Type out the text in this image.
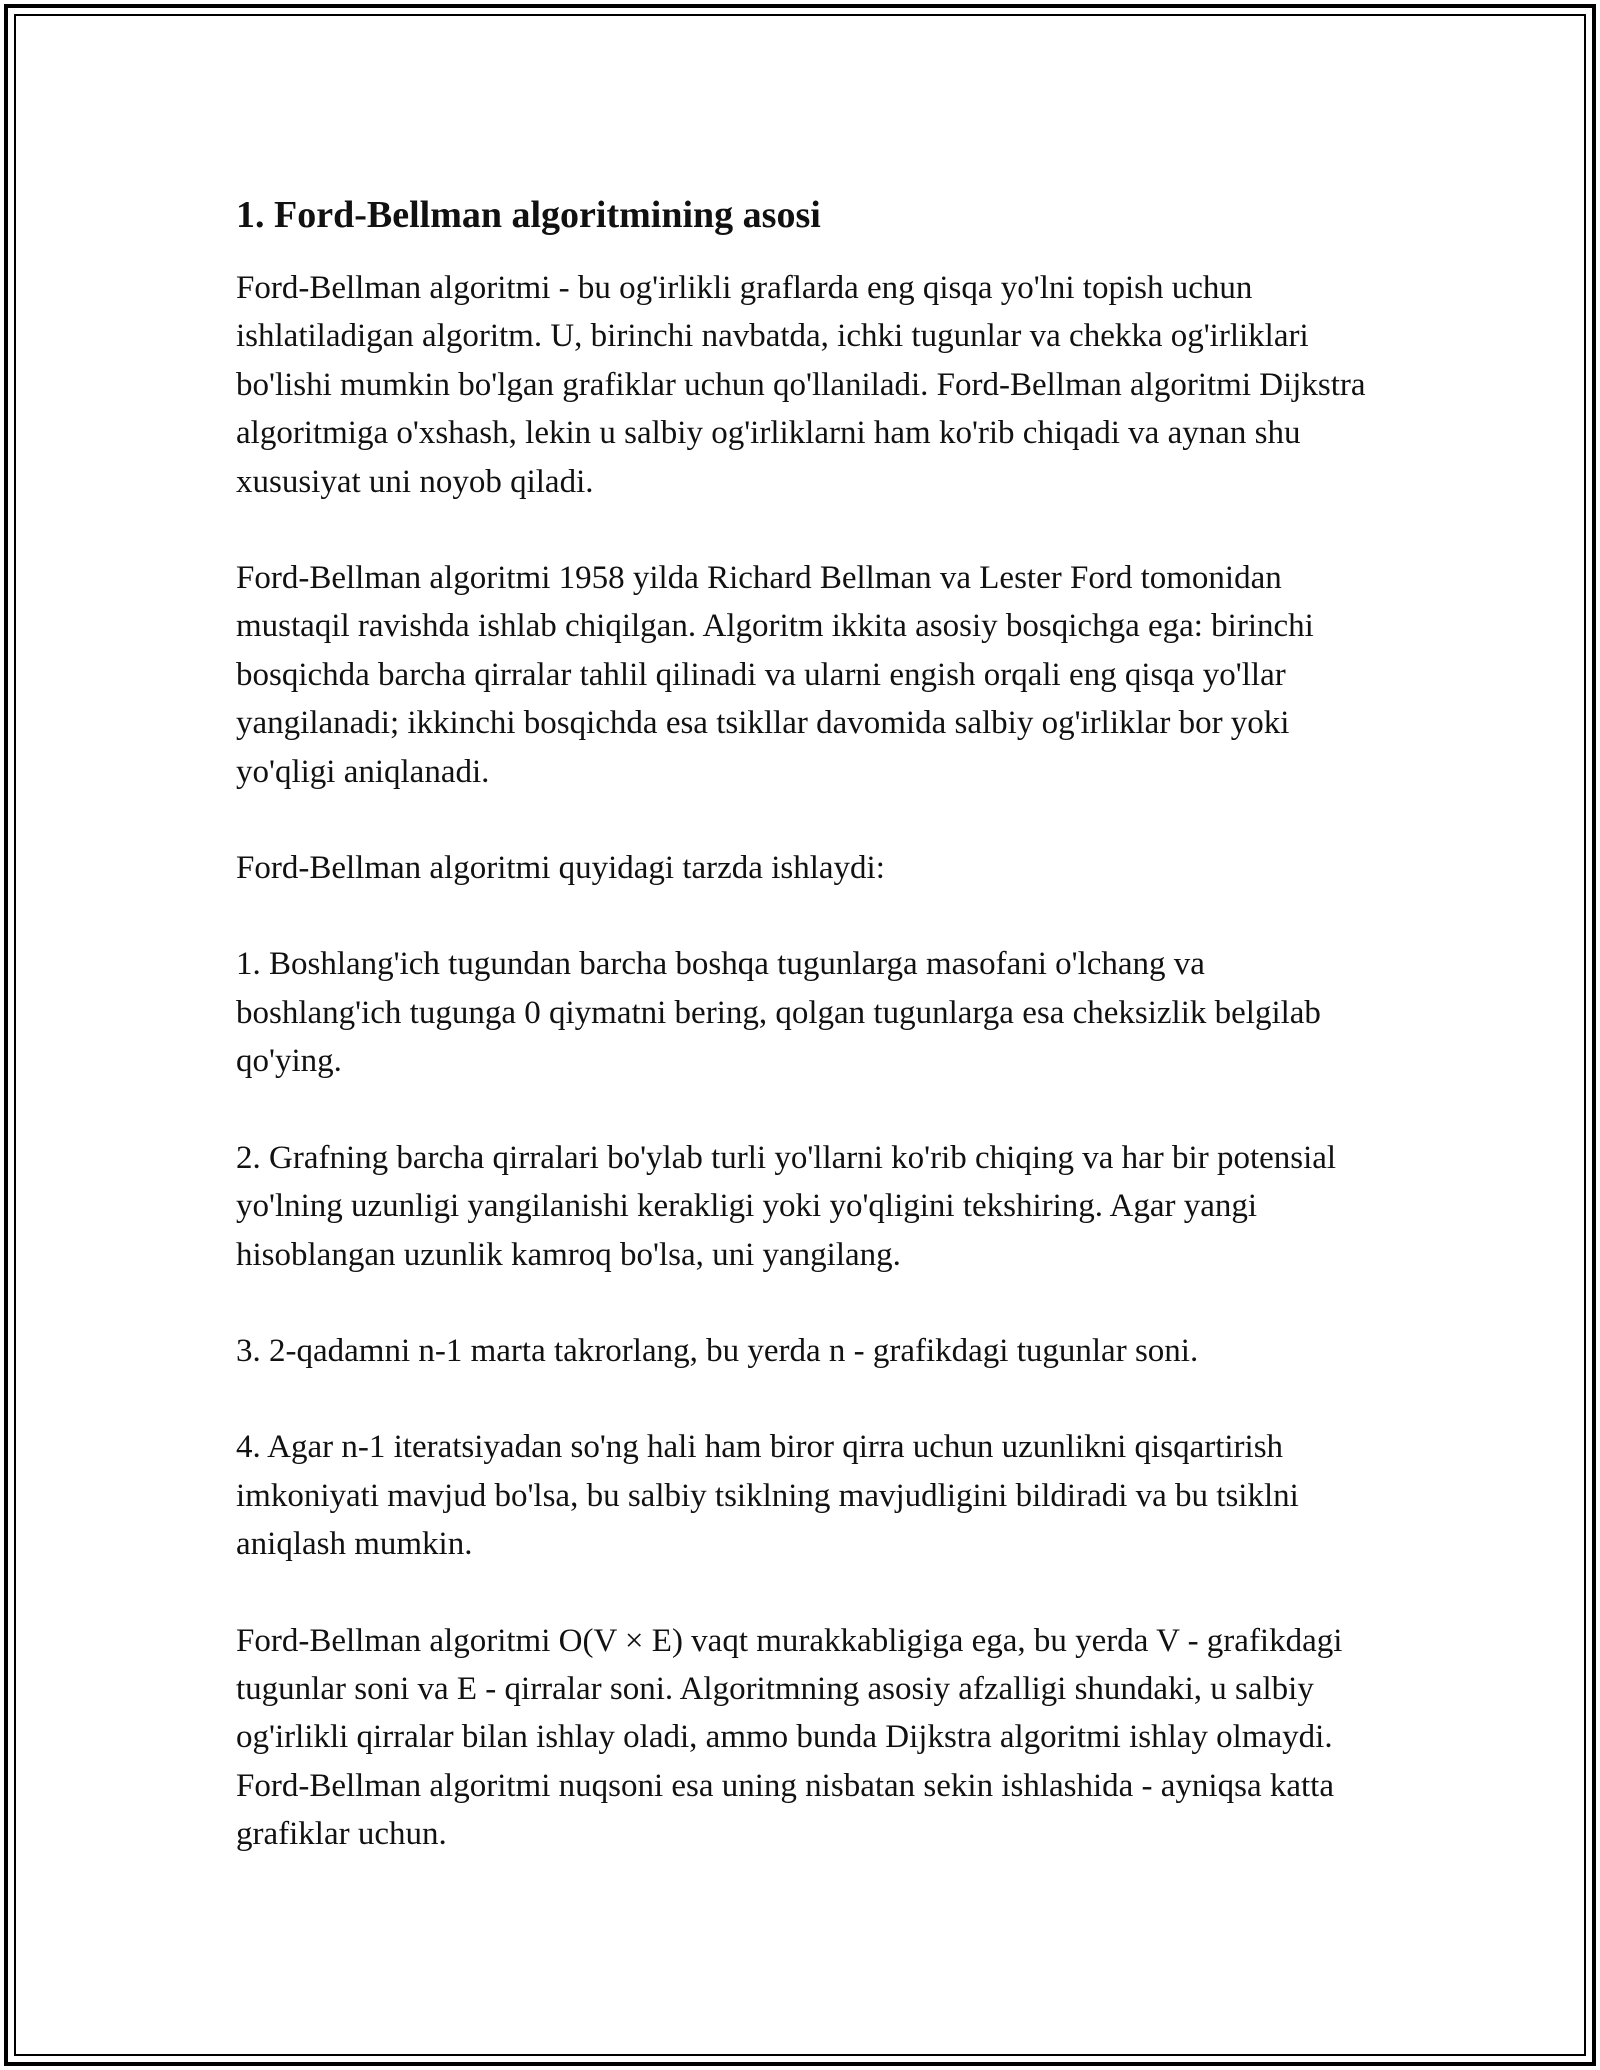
1. Ford-Bellman algoritmining asosi

Ford-Bellman algoritmi - bu og'irlikli graflarda eng qisqa yo'lni topish uchun ishlatiladigan algoritm. U, birinchi navbatda, ichki tugunlar va chekka og'irliklari bo'lishi mumkin bo'lgan grafiklar uchun qo'llaniladi. Ford-Bellman algoritmi Dijkstra algoritmiga o'xshash, lekin u salbiy og'irliklarni ham ko'rib chiqadi va aynan shu xususiyat uni noyob qiladi.

Ford-Bellman algoritmi 1958 yilda Richard Bellman va Lester Ford tomonidan mustaqil ravishda ishlab chiqilgan. Algoritm ikkita asosiy bosqichga ega: birinchi bosqichda barcha qirralar tahlil qilinadi va ularni engish orqali eng qisqa yo'llar yangilanadi; ikkinchi bosqichda esa tsikllar davomida salbiy og'irliklar bor yoki yo'qligi aniqlanadi.

Ford-Bellman algoritmi quyidagi tarzda ishlaydi:

1. Boshlang'ich tugundan barcha boshqa tugunlarga masofani o'lchang va boshlang'ich tugunga 0 qiymatni bering, qolgan tugunlarga esa cheksizlik belgilab qo'ying.

2. Grafning barcha qirralari bo'ylab turli yo'llarni ko'rib chiqing va har bir potensial yo'lning uzunligi yangilanishi kerakligi yoki yo'qligini tekshiring. Agar yangi hisoblangan uzunlik kamroq bo'lsa, uni yangilang.

3. 2-qadamni n-1 marta takrorlang, bu yerda n - grafikdagi tugunlar soni.

4. Agar n-1 iteratsiyadan so'ng hali ham biror qirra uchun uzunlikni qisqartirish imkoniyati mavjud bo'lsa, bu salbiy tsiklning mavjudligini bildiradi va bu tsiklni aniqlash mumkin.

Ford-Bellman algoritmi O(V × E) vaqt murakkabligiga ega, bu yerda V - grafikdagi tugunlar soni va E - qirralar soni. Algoritmning asosiy afzalligi shundaki, u salbiy og'irlikli qirralar bilan ishlay oladi, ammo bunda Dijkstra algoritmi ishlay olmaydi. Ford-Bellman algoritmi nuqsoni esa uning nisbatan sekin ishlashida - ayniqsa katta grafiklar uchun.
